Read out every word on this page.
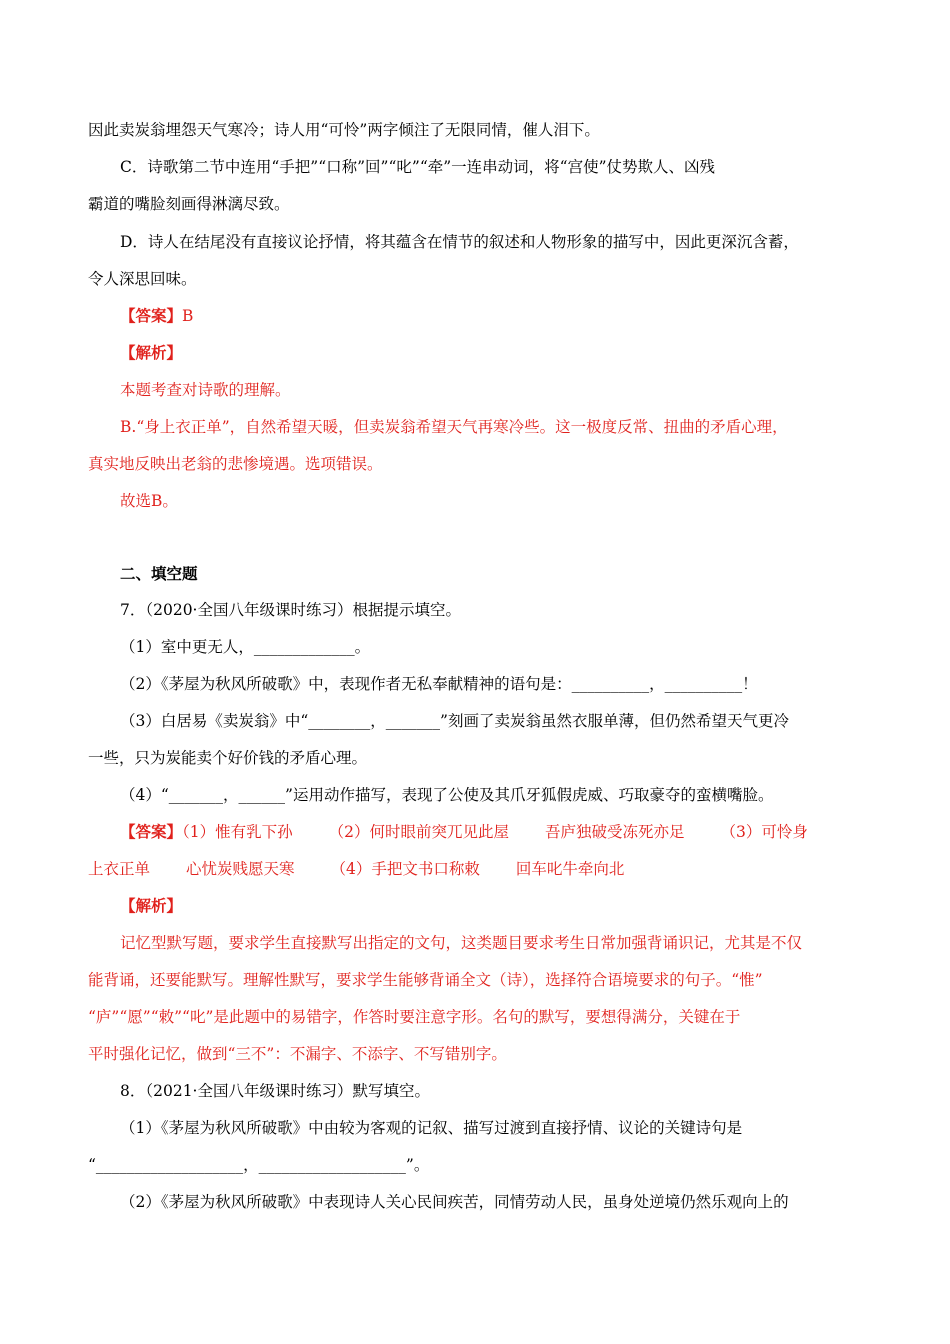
因此卖炭翁埋怨天气寒冷；诗人用“可怜”两字倾注了无限同情，催人泪下。
C．诗歌第二节中连用“手把”“口称”回”“叱”“牵”一连串动词，将“宫使”仗势欺人、凶残
霸道的嘴脸刻画得淋漓尽致。
D．诗人在结尾没有直接议论抒情，将其蕴含在情节的叙述和人物形象的描写中，因此更深沉含蓄，
令人深思回味。
【答案】B
【解析】
本题考查对诗歌的理解。
B.“身上衣正单”，自然希望天暖，但卖炭翁希望天气再寒冷些。这一极度反常、扭曲的矛盾心理，
真实地反映出老翁的悲惨境遇。选项错误。
故选B。
二、填空题
7．（2020·全国八年级课时练习）根据提示填空。
（1）室中更无人，_____________。
（2）《茅屋为秋风所破歌》中，表现作者无私奉献精神的语句是：__________，__________！
（3）白居易《卖炭翁》中“________，_______”刻画了卖炭翁虽然衣服单薄，但仍然希望天气更冷
一些，只为炭能卖个好价钱的矛盾心理。
（4）“_______，______”运用动作描写，表现了公使及其爪牙狐假虎威、巧取豪夺的蛮横嘴脸。
【答案】（1）惟有乳下孙 （2）何时眼前突兀见此屋 吾庐独破受冻死亦足 （3）可怜身
上衣正单 心忧炭贱愿天寒 （4）手把文书口称敕 回车叱牛牵向北
【解析】
记忆型默写题，要求学生直接默写出指定的文句，这类题目要求考生日常加强背诵识记，尤其是不仅
能背诵，还要能默写。理解性默写，要求学生能够背诵全文（诗），选择符合语境要求的句子。“惟”
“庐”“愿”“敕”“叱”是此题中的易错字，作答时要注意字形。名句的默写，要想得满分，关键在于
平时强化记忆，做到“三不”：不漏字、不添字、不写错别字。
8．（2021·全国八年级课时练习）默写填空。
（1）《茅屋为秋风所破歌》中由较为客观的记叙、描写过渡到直接抒情、议论的关键诗句是
“___________________，___________________”。
（2）《茅屋为秋风所破歌》中表现诗人关心民间疾苦，同情劳动人民，虽身处逆境仍然乐观向上的
